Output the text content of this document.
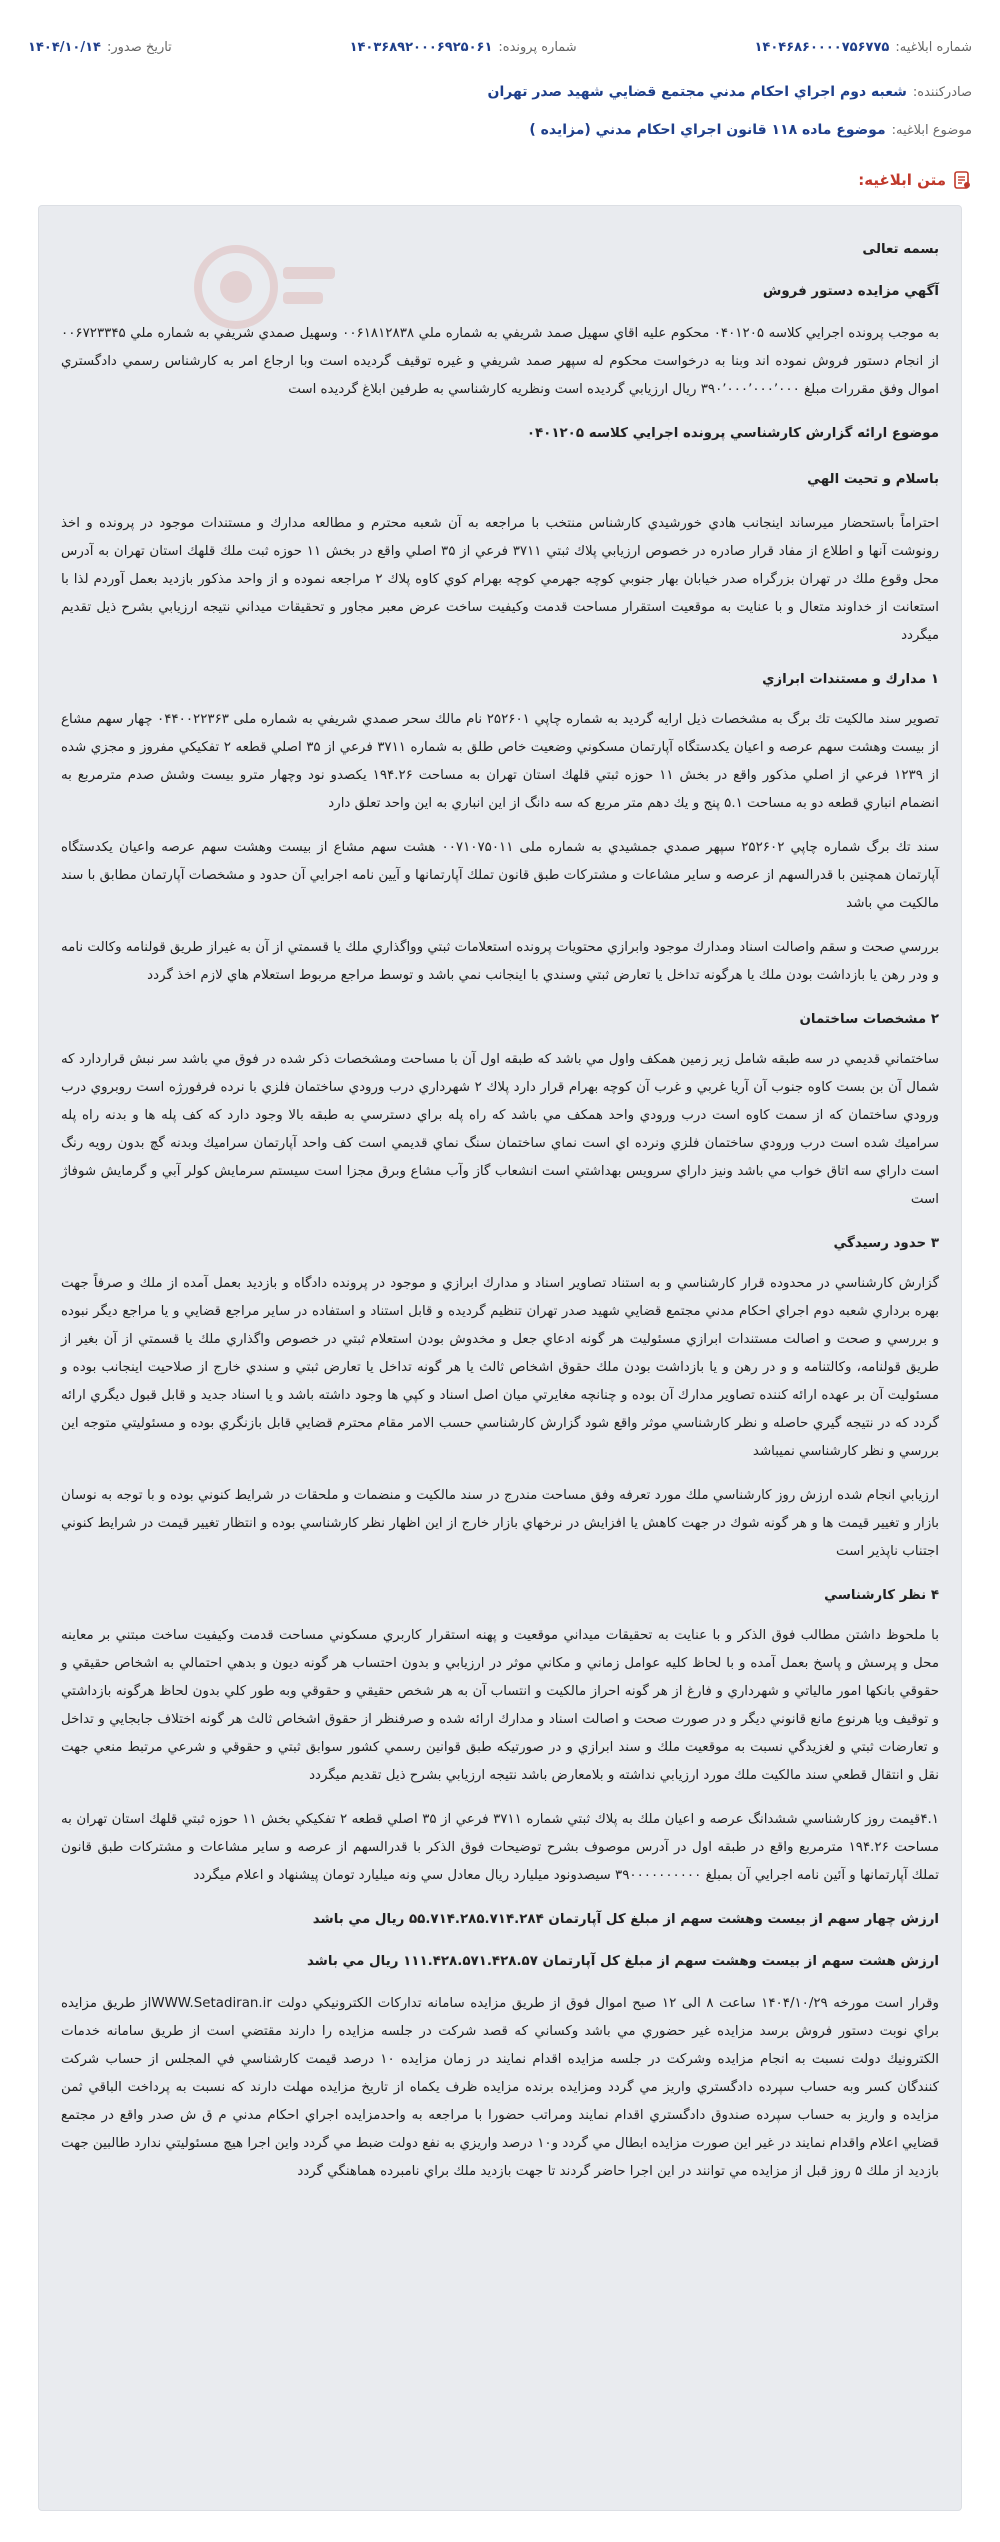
شماره ابلاغیه:
۱۴۰۴۶۸۶۰۰۰۰۷۵۶۷۷۵
شماره پرونده:
۱۴۰۳۶۸۹۲۰۰۰۶۹۲۵۰۶۱
تاریخ صدور:
۱۴۰۴/۱۰/۱۴
صادرکننده:
شعبه دوم اجراي احكام مدني مجتمع قضايي شهيد صدر تهران
موضوع ابلاغیه:
موضوع ماده ۱۱۸ قانون اجراي احكام مدني (مزايده )
متن ابلاغیه:

بسمه تعالی

آگهي مزايده دستور فروش

به موجب پرونده اجرايي كلاسه ۰۴۰۱۲۰۵ محكوم عليه اقاي سهيل صمد شريفي به شماره ملي ۰۰۶۱۸۱۲۸۳۸ وسهيل صمدي شريفي به شماره ملي ۰۰۶۷۲۳۳۴۵ از انجام دستور فروش نموده اند وبنا به درخواست محكوم له سپهر صمد شريفي و غيره توقيف گرديده است وبا ارجاع امر به كارشناس رسمي دادگستري اموال وفق مقررات مبلغ ۳۹۰٬۰۰۰٬۰۰۰٬۰۰۰ ريال ارزيابي گرديده است ونظريه كارشناسي به طرفين ابلاغ گرديده است

موضوع ارائه گزارش كارشناسي پرونده اجرايي كلاسه ۰۴۰۱۲۰۵

باسلام و تحيت الهي

احتراماً باستحضار ميرساند اينجانب هادي خورشيدي كارشناس منتخب با مراجعه به آن شعبه محترم و مطالعه مدارك و مستندات موجود در پرونده و اخذ رونوشت آنها و اطلاع از مفاد قرار صادره در خصوص ارزيابي پلاك ثبتي ۳۷۱۱ فرعي از ۳۵ اصلي واقع در بخش ۱۱ حوزه ثبت ملك قلهك استان تهران به آدرس محل وقوع ملك در تهران بزرگراه صدر خيابان بهار جنوبي كوچه جهرمي كوچه بهرام كوي كاوه پلاك ۲ مراجعه نموده و از واحد مذكور بازديد بعمل آوردم لذا با استعانت از خداوند متعال و با عنايت به موقعيت استقرار مساحت قدمت وكيفيت ساخت عرض معبر مجاور و تحقيقات ميداني نتيجه ارزيابي بشرح ذيل تقديم ميگردد

۱ مدارك و مستندات ابرازي

تصوير سند مالكيت تك برگ به مشخصات ذيل ارايه گرديد به شماره چاپي ۲۵۲۶۰۱ نام مالك سحر صمدي شريفي به شماره ملی ۰۴۴۰۰۲۲۳۶۳ چهار سهم مشاع از بيست وهشت سهم عرصه و اعيان يكدستگاه آپارتمان مسكوني وضعيت خاص طلق به شماره ۳۷۱۱ فرعي از ۳۵ اصلي قطعه ۲ تفكيكي مفروز و مجزي شده از ۱۲۳۹ فرعي از اصلي مذكور واقع در بخش ۱۱ حوزه ثبتي قلهك استان تهران به مساحت ۱۹۴.۲۶ يكصدو نود وچهار مترو بيست وشش صدم مترمربع به انضمام انباري قطعه دو به مساحت ۵.۱ پنج و يك دهم متر مربع كه سه دانگ از اين انباري به اين واحد تعلق دارد

سند تك برگ شماره چاپي ۲۵۲۶۰۲ سپهر صمدي جمشيدي به شماره ملی ۰۰۷۱۰۷۵۰۱۱ هشت سهم مشاع از بيست وهشت سهم عرصه واعيان يكدستگاه آپارتمان همچنين با قدرالسهم از عرصه و ساير مشاعات و مشتركات طبق قانون تملك آپارتمانها و آيين نامه اجرايي آن حدود و مشخصات آپارتمان مطابق با سند مالكيت مي باشد

بررسي صحت و سقم واصالت اسناد ومدارك موجود وابرازي محتويات پرونده استعلامات ثبتي وواگذاري ملك يا قسمتي از آن به غيراز طريق قولنامه وكالت نامه و ودر رهن يا بازداشت بودن ملك يا هرگونه تداخل يا تعارض ثبتي وسندي با اينجانب نمي باشد و توسط مراجع مربوط استعلام هاي لازم اخذ گردد

۲ مشخصات ساختمان

ساختماني قديمي در سه طبقه شامل زير زمين همكف واول مي باشد كه طبقه اول آن با مساحت ومشخصات ذكر شده در فوق مي باشد سر نبش قراردارد كه شمال آن بن بست كاوه جنوب آن آريا غربي و غرب آن كوچه بهرام قرار دارد پلاك ۲ شهرداري درب ورودي ساختمان فلزي با نرده فرفورژه است روبروي درب ورودي ساختمان كه از سمت كاوه است درب ورودي واحد همكف مي باشد كه راه پله براي دسترسي به طبقه بالا وجود دارد كه كف پله ها و بدنه راه پله سراميك شده است درب ورودي ساختمان فلزي ونرده اي است نماي ساختمان سنگ نماي قديمي است كف واحد آپارتمان سراميك وبدنه گچ بدون رويه رنگ است داراي سه اتاق خواب مي باشد ونيز داراي سرويس بهداشتي است انشعاب گاز وآب مشاع وبرق مجزا است سيستم سرمايش كولر آبي و گرمايش شوفاژ است

۳ حدود رسيدگي

گزارش كارشناسي در محدوده قرار كارشناسي و به استناد تصاوير اسناد و مدارك ابرازي و موجود در پرونده دادگاه و بازديد بعمل آمده از ملك و صرفاً جهت بهره برداري شعبه دوم اجراي احكام مدني مجتمع قضايي شهيد صدر تهران تنظيم گرديده و قابل استناد و استفاده در ساير مراجع قضايي و يا مراجع ديگر نبوده و بررسي و صحت و اصالت مستندات ابرازي مسئوليت هر گونه ادعاي جعل و مخدوش بودن استعلام ثبتي در خصوص واگذاري ملك يا قسمتي از آن بغير از طريق قولنامه، وكالتنامه و و در رهن و يا بازداشت بودن ملك حقوق اشخاص ثالث يا هر گونه تداخل يا تعارض ثبتي و سندي خارج از صلاحيت اينجانب بوده و مسئوليت آن بر عهده ارائه كننده تصاوير مدارك آن بوده و چنانچه مغايرتي ميان اصل اسناد و كپي ها وجود داشته باشد و يا اسناد جديد و قابل قبول ديگري ارائه گردد كه در نتيجه گيري حاصله و نظر كارشناسي موثر واقع شود گزارش كارشناسي حسب الامر مقام محترم قضايي قابل بازنگري بوده و مسئوليتي متوجه اين بررسي و نظر كارشناسي نميباشد

ارزيابي انجام شده ارزش روز كارشناسي ملك مورد تعرفه وفق مساحت مندرج در سند مالكيت و منضمات و ملحقات در شرايط كنوني بوده و با توجه به نوسان بازار و تغيير قيمت ها و هر گونه شوك در جهت كاهش يا افزايش در نرخهاي بازار خارج از اين اظهار نظر كارشناسي بوده و انتظار تغيير قيمت در شرايط كنوني اجتناب ناپذير است

۴ نظر كارشناسي

با ملحوظ داشتن مطالب فوق الذكر و با عنايت به تحقيقات ميداني موقعيت و پهنه استقرار كاربري مسكوني مساحت قدمت وكيفيت ساخت مبتني بر معاينه محل و پرسش و پاسخ بعمل آمده و با لحاظ كليه عوامل زماني و مكاني موثر در ارزيابي و بدون احتساب هر گونه ديون و بدهي احتمالي به اشخاص حقيقي و حقوقي بانكها امور مالياتي و شهرداري و فارغ از هر گونه احراز مالكيت و انتساب آن به هر شخص حقيقي و حقوقي وبه طور كلي بدون لحاظ هرگونه بازداشتي و توقيف ويا هرنوع مانع قانوني ديگر و در صورت صحت و اصالت اسناد و مدارك ارائه شده و صرفنظر از حقوق اشخاص ثالث هر گونه اختلاف جابجايي و تداخل و تعارضات ثبتي و لغزيدگي نسبت به موقعيت ملك و سند ابرازي و در صورتيكه طبق قوانين رسمي كشور سوابق ثبتي و حقوقي و شرعي مرتبط منعي جهت نقل و انتقال قطعي سند مالكيت ملك مورد ارزيابي نداشته و بلامعارض باشد نتيجه ارزيابي بشرح ذيل تقديم ميگردد

۴.۱قيمت روز كارشناسي ششدانگ عرصه و اعيان ملك به پلاك ثبتي شماره ۳۷۱۱ فرعي از ۳۵ اصلي قطعه ۲ تفكيكي بخش ۱۱ حوزه ثبتي قلهك استان تهران به مساحت ۱۹۴.۲۶ مترمربع واقع در طبقه اول در آدرس موصوف بشرح توضيحات فوق الذكر با قدرالسهم از عرصه و ساير مشاعات و مشتركات طبق قانون تملك آپارتمانها و آئين نامه اجرايي آن بمبلغ ۳۹۰۰۰۰۰۰۰۰۰۰ سيصدونود ميليارد ريال معادل سي ونه ميليارد تومان پيشنهاد و اعلام ميگردد

ارزش چهار سهم از بيست وهشت سهم از مبلغ كل آپارتمان ۵۵.۷۱۴.۲۸۵.۷۱۴.۲۸۴ ريال مي باشد

ارزش هشت سهم از بيست وهشت سهم از مبلغ كل آپارتمان ۱۱۱.۴۲۸.۵۷۱.۴۲۸.۵۷ ريال مي باشد

وقرار است مورخه ۱۴۰۴/۱۰/۲۹ ساعت ۸ الی ۱۲ صبح اموال فوق از طريق مزايده سامانه تداركات الكترونيكي دولت WWW.Setadiran.irاز طريق مزايده براي نوبت دستور فروش برسد مزايده غير حضوري مي باشد وكساني كه قصد شركت در جلسه مزايده را دارند مقتضي است از طريق سامانه خدمات الكترونيك دولت نسبت به انجام مزايده وشركت در جلسه مزايده اقدام نمايند در زمان مزايده ۱۰ درصد قيمت كارشناسي في المجلس از حساب شركت كنندگان كسر وبه حساب سپرده دادگستري واريز مي گردد ومزايده برنده مزايده ظرف يكماه از تاريخ مزايده مهلت دارند كه نسبت به پرداخت الباقي ثمن مزايده و واريز به حساب سپرده صندوق دادگستري اقدام نمايند ومراتب حضورا با مراجعه به واحدمزايده اجراي احكام مدني م ق ش صدر واقع در مجتمع قضايي اعلام واقدام نمايند در غير اين صورت مزايده ابطال مي گردد و۱۰ درصد واريزي به نفع دولت ضبط مي گردد واين اجرا هيچ مسئوليتي ندارد طالبين جهت بازديد از ملك ۵ روز قبل از مزايده مي توانند در اين اجرا حاضر گردند تا جهت بازديد ملك براي نامبرده هماهنگي گردد
